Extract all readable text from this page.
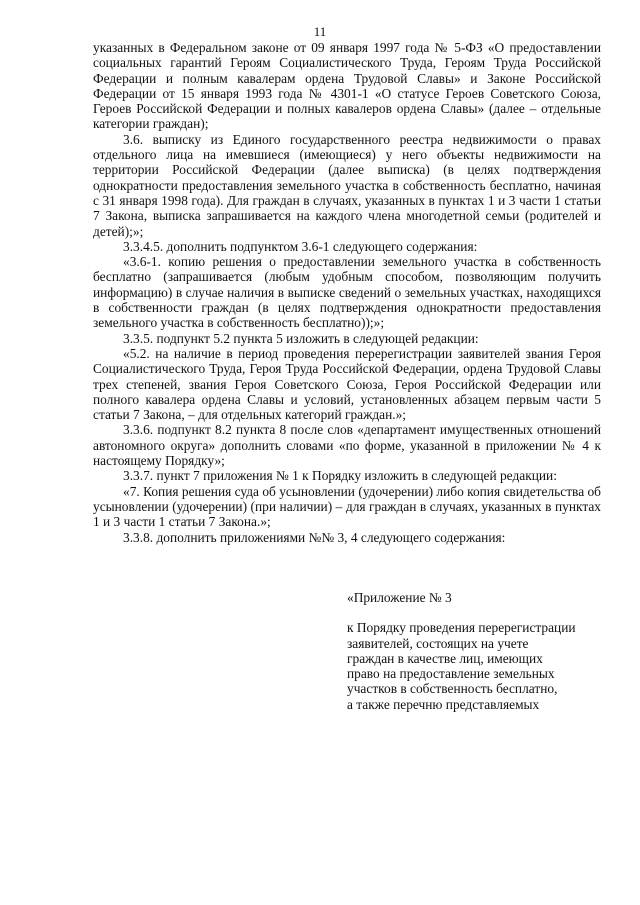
11

указанных в Федеральном законе от 09 января 1997 года № 5-ФЗ «О предоставлении социальных гарантий Героям Социалистического Труда, Героям Труда Российской Федерации и полным кавалерам ордена Трудовой Славы» и Законе Российской Федерации от 15 января 1993 года № 4301-1 «О статусе Героев Советского Союза, Героев Российской Федерации и полных кавалеров ордена Славы» (далее – отдельные категории граждан);

3.6. выписку из Единого государственного реестра недвижимости о правах отдельного лица на имевшиеся (имеющиеся) у него объекты недвижимости на территории Российской Федерации (далее выписка) (в целях подтверждения однократности предоставления земельного участка в собственность бесплатно, начиная с 31 января 1998 года). Для граждан в случаях, указанных в пунктах 1 и 3 части 1 статьи 7 Закона, выписка запрашивается на каждого члена многодетной семьи (родителей и детей);»;

3.3.4.5. дополнить подпунктом 3.6-1 следующего содержания:

«3.6-1. копию решения о предоставлении земельного участка в собственность бесплатно (запрашивается (любым удобным способом, позволяющим получить информацию) в случае наличия в выписке сведений о земельных участках, находящихся в собственности граждан (в целях подтверждения однократности предоставления земельного участка в собственность бесплатно));»;

3.3.5. подпункт 5.2 пункта 5 изложить в следующей редакции:

«5.2. на наличие в период проведения перерегистрации заявителей звания Героя Социалистического Труда, Героя Труда Российской Федерации, ордена Трудовой Славы трех степеней, звания Героя Советского Союза, Героя Российской Федерации или полного кавалера ордена Славы и условий, установленных абзацем первым части 5 статьи 7 Закона, – для отдельных категорий граждан.»;

3.3.6. подпункт 8.2 пункта 8 после слов «департамент имущественных отношений автономного округа» дополнить словами «по форме, указанной в приложении № 4 к настоящему Порядку»;

3.3.7. пункт 7 приложения № 1 к Порядку изложить в следующей редакции:

«7. Копия решения суда об усыновлении (удочерении) либо копия свидетельства об усыновлении (удочерении) (при наличии) – для граждан в случаях, указанных в пунктах 1 и 3 части 1 статьи 7 Закона.»;

3.3.8. дополнить приложениями №№ 3, 4 следующего содержания:

«Приложение № 3

к Порядку проведения перерегистрации

заявителей, состоящих на учете

граждан в качестве лиц, имеющих

право на предоставление земельных

участков в собственность бесплатно,

а также перечню представляемых
